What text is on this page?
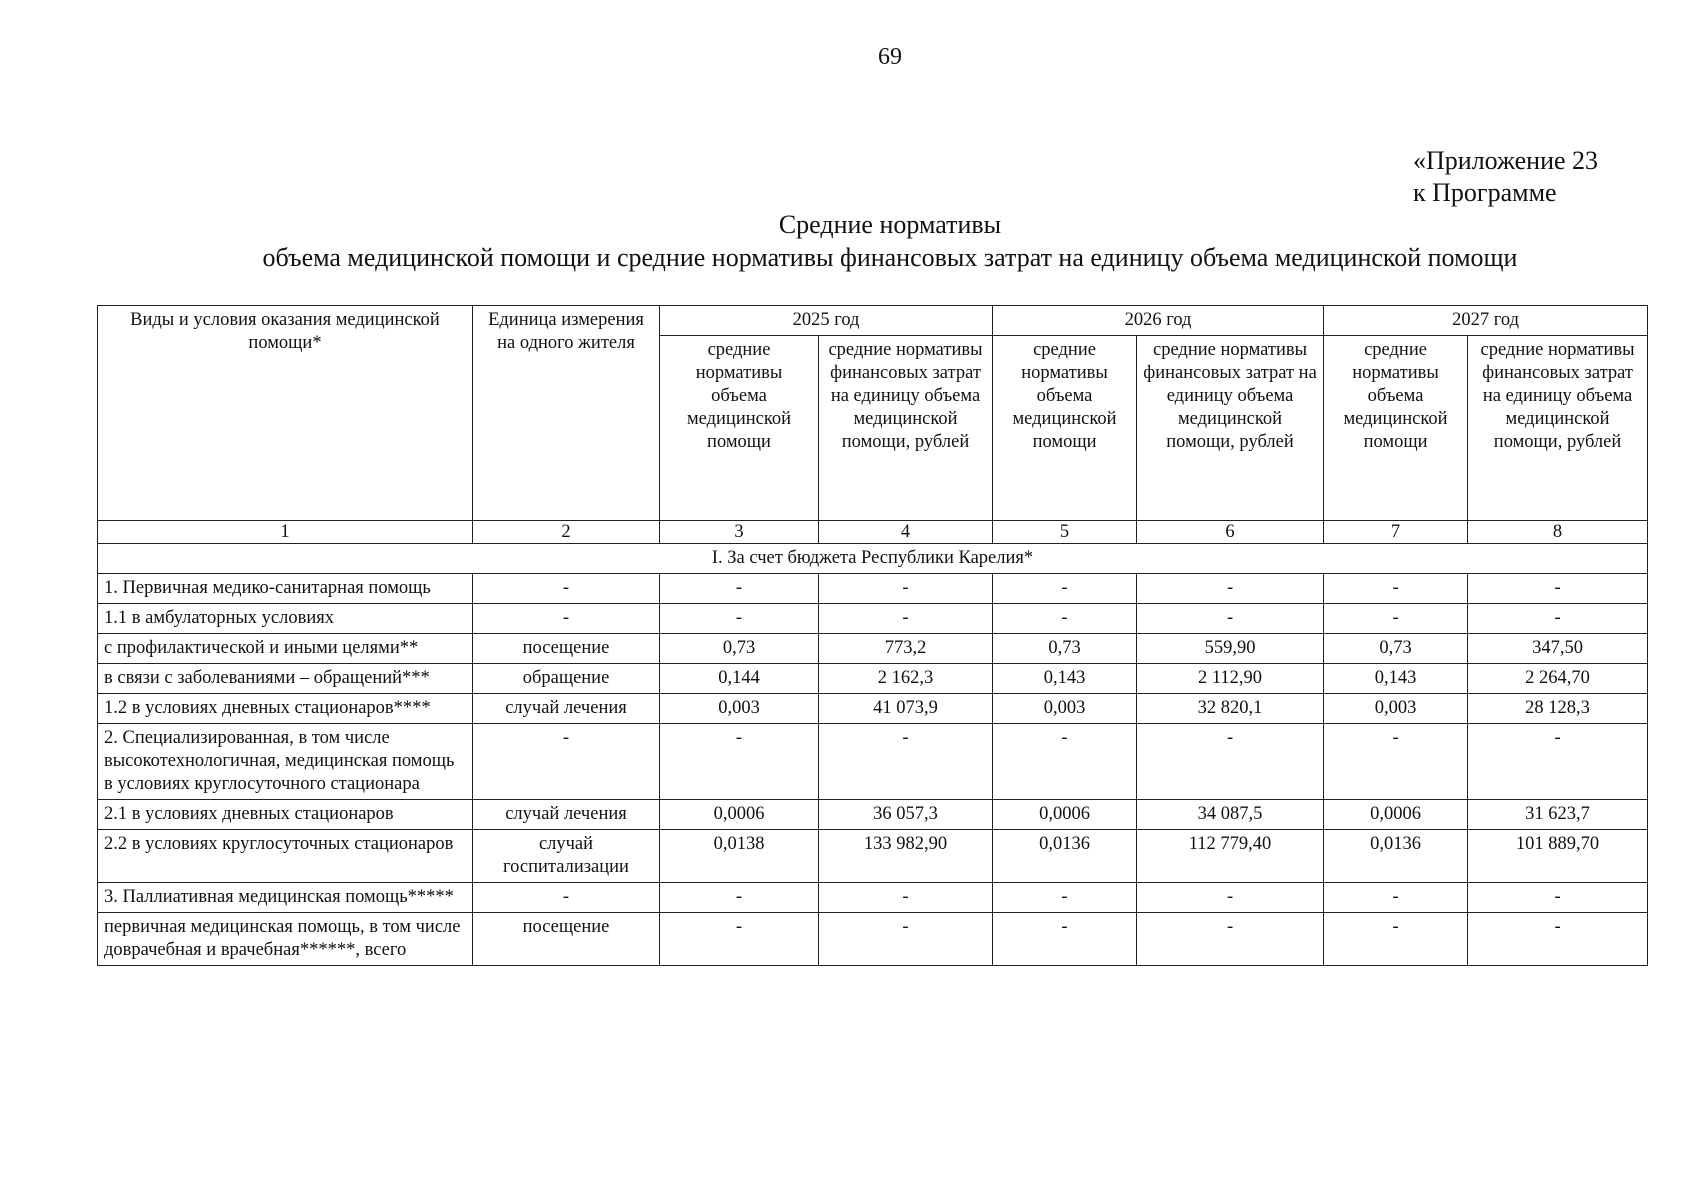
69
«Приложение 23
к Программе
Средние нормативы
объема медицинской помощи и средние нормативы финансовых затрат на единицу объема медицинской помощи
Виды и условия оказания медицинской помощи*	Единица измерения на одного жителя	2025 год		2026 год		2027 год	
		средние нормативы объема медицинской помощи	средние нормативы финансовых затрат на единицу объема медицинской помощи, рублей	средние нормативы объема медицинской помощи	средние нормативы финансовых затрат на единицу объема медицинской помощи, рублей	средние нормативы объема медицинской помощи	средние нормативы финансовых затрат на единицу объема медицинской помощи, рублей
1	2	3	4	5	6	7	8
I. За счет бюджета Республики Карелия*							
1. Первичная медико-санитарная помощь	-	-	-	-	-	-	-
1.1 в амбулаторных условиях	-	-	-	-	-	-	-
с профилактической и иными целями**	посещение	0,73	773,2	0,73	559,90	0,73	347,50
в связи с заболеваниями – обращений***	обращение	0,144	2 162,3	0,143	2 112,90	0,143	2 264,70
1.2 в условиях дневных стационаров****	случай лечения	0,003	41 073,9	0,003	32 820,1	0,003	28 128,3
2. Специализированная, в том числе высокотехнологичная, медицинская помощь в условиях круглосуточного стационара	-	-	-	-	-	-	-
2.1 в условиях дневных стационаров	случай лечения	0,0006	36 057,3	0,0006	34 087,5	0,0006	31 623,7
2.2 в условиях круглосуточных стационаров	случай госпитализации	0,0138	133 982,90	0,0136	112 779,40	0,0136	101 889,70
3. Паллиативная медицинская помощь*****	-	-	-	-	-	-	-
первичная медицинская помощь, в том числе доврачебная и врачебная******, всего	посещение	-	-	-	-	-	-
